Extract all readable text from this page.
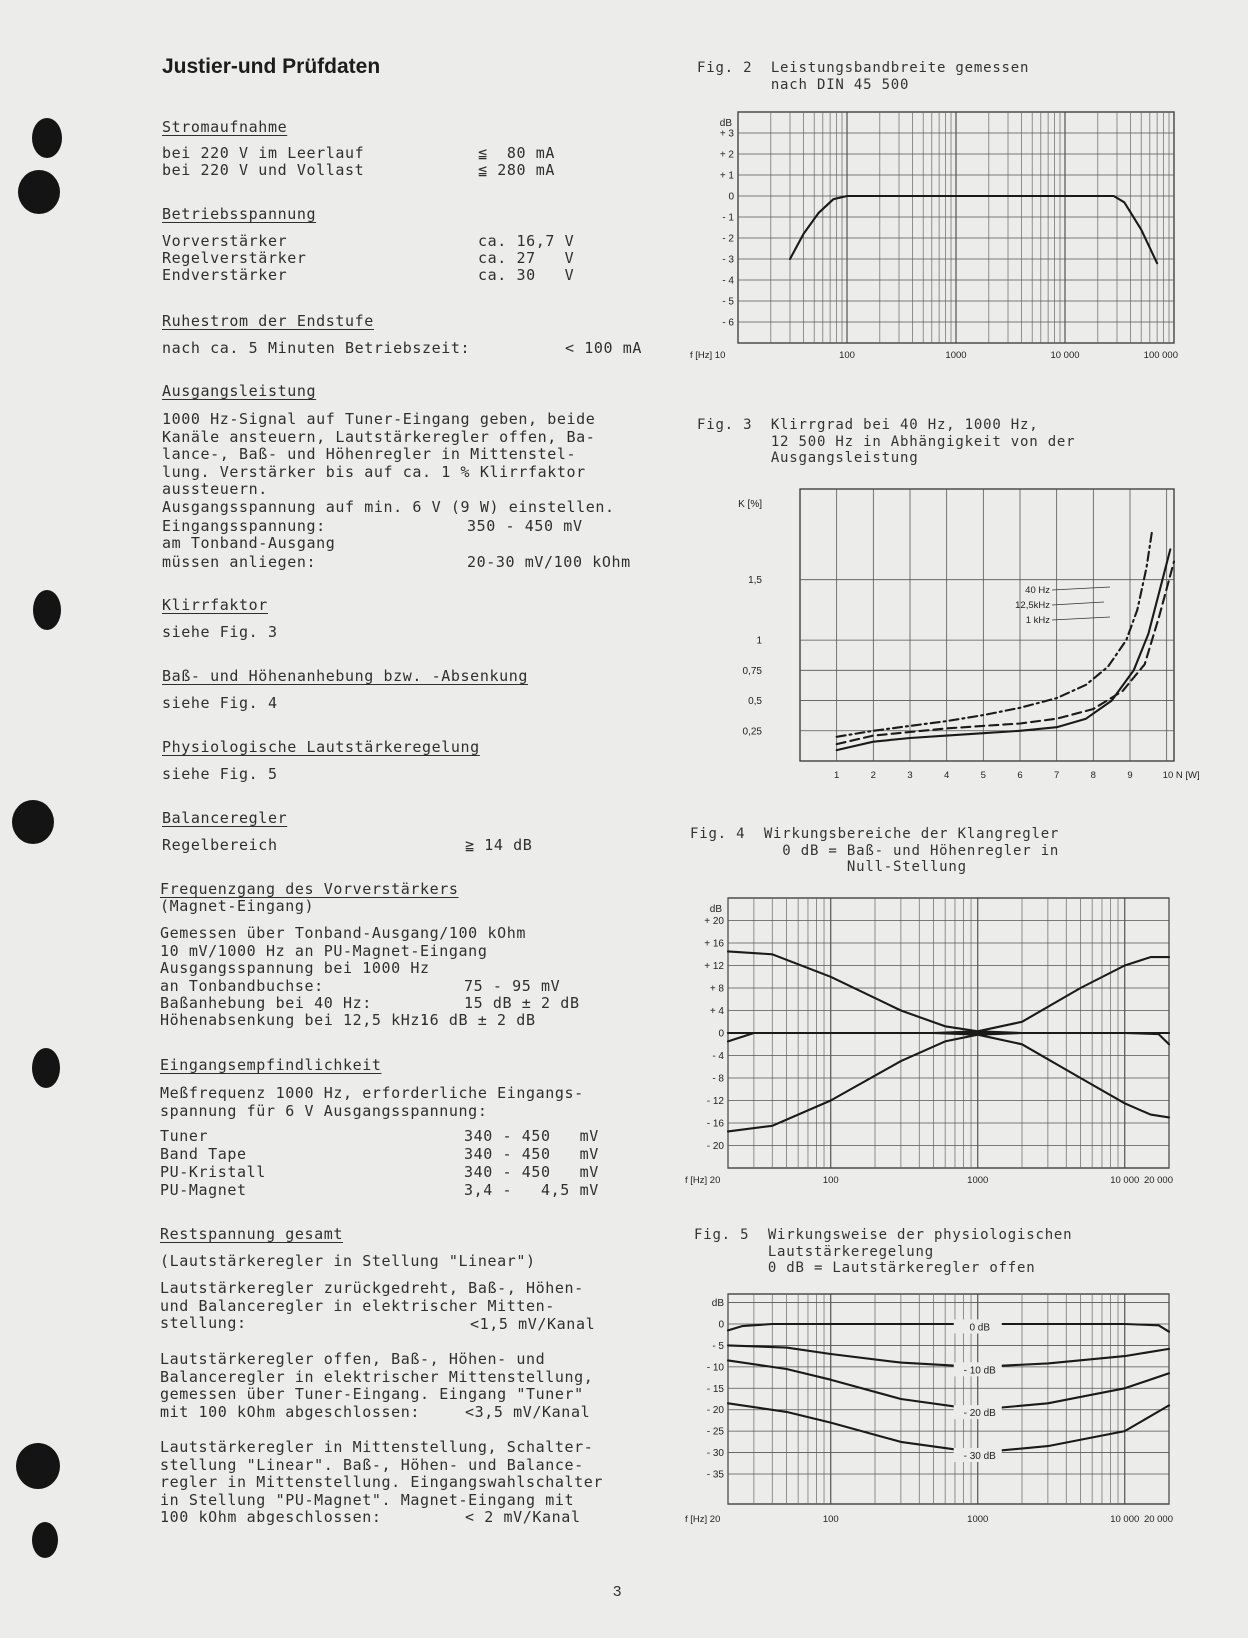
Justier-und Prüfdaten
Stromaufnahme

bei 220 V im Leerlauf

	≦  80 mA

bei 220 V und Vollast

	≦ 280 mA

Betriebsspannung

Vorverstärker

	ca. 16,7 V

Regelverstärker

	ca. 27   V

Endverstärker

	ca. 30   V

Ruhestrom der Endstufe
nach ca. 5 Minuten Betriebszeit:	< 100 mA
Ausgangsleistung
1000 Hz-Signal auf Tuner-Eingang geben, beide
Kanäle ansteuern, Lautstärkeregler offen, Ba-
lance-, Baß- und Höhenregler in Mittenstel-
lung. Verstärker bis auf ca. 1 % Klirrfaktor
aussteuern.
Ausgangsspannung auf min. 6 V (9 W) einstellen.

Eingangsspannung:

	350 - 450 mV

am Tonband-Ausgang

müssen anliegen:

	20-30 mV/100 kOhm

Klirrfaktor
siehe Fig. 3
Baß- und Höhenanhebung bzw. -Absenkung
siehe Fig. 4
Physiologische Lautstärkeregelung
siehe Fig. 5
Balanceregler
Regelbereich	≧ 14 dB
Frequenzgang des Vorverstärkers
(Magnet-Eingang)
Gemessen über Tonband-Ausgang/100 kOhm
10 mV/1000 Hz an PU-Magnet-Eingang
Ausgangsspannung bei 1000 Hz

an Tonbandbuchse:

	75 - 95 mV

Baßanhebung bei 40 Hz:

	15 dB ± 2 dB

Höhenabsenkung bei 12,5 kHz:

16 dB ± 2 dB

Eingangsempfindlichkeit
Meßfrequenz 1000 Hz, erforderliche Eingangs-
spannung für 6 V Ausgangsspannung:

Tuner

	340 - 450   mV

Band Tape

	340 - 450   mV

PU-Kristall

	340 - 450   mV

PU-Magnet

	3,4 -   4,5 mV

Restspannung gesamt
(Lautstärkeregler in Stellung "Linear")
Lautstärkeregler zurückgedreht, Baß-, Höhen-
und Balanceregler in elektrischer Mitten-
stellung:	<1,5 mV/Kanal
Lautstärkeregler offen, Baß-, Höhen- und
Balanceregler in elektrischer Mittenstellung,
gemessen über Tuner-Eingang. Eingang "Tuner"
mit 100 kOhm abgeschlossen:	<3,5 mV/Kanal
Lautstärkeregler in Mittenstellung, Schalter-
stellung "Linear". Baß-, Höhen- und Balance-
regler in Mittenstellung. Eingangswahlschalter
in Stellung "PU-Magnet". Magnet-Eingang mit
100 kOhm abgeschlossen:	< 2 mV/Kanal
3
Fig. 2  Leistungsbandbreite gemessen
nach DIN 45 500
Fig. 3  Klirrgrad bei 40 Hz, 1000 Hz,
12 500 Hz in Abhängigkeit von der
Ausgangsleistung
Fig. 4  Wirkungsbereiche der Klangregler
0 dB = Baß- und Höhenregler in
Null-Stellung
Fig. 5  Wirkungsweise der physiologischen
Lautstärkeregelung
0 dB = Lautstärkeregler offen
dB
+ 3
+ 2
+ 1
0
- 1
- 2
- 3
- 4
- 5
- 6
f [Hz] 10	100	1000	10 000	100 000
K [%]
1,5
1
0,75
0,5
0,25
1	2	3	4	5	6	7	8	9	10 N [W]
40 Hz
12,5kHz
1 kHz
dB
+ 20
+ 16
+ 12
+ 8
+ 4
0
- 4
- 8
- 12
- 16
- 20
f [Hz] 20	100	1000	10 000 20 000
dB
0
- 5
- 10
- 15
- 20
- 25
- 30
- 35
f [Hz] 20	100	1000	10 000 20 000
0 dB
- 10 dB
- 20 dB
- 30 dB
